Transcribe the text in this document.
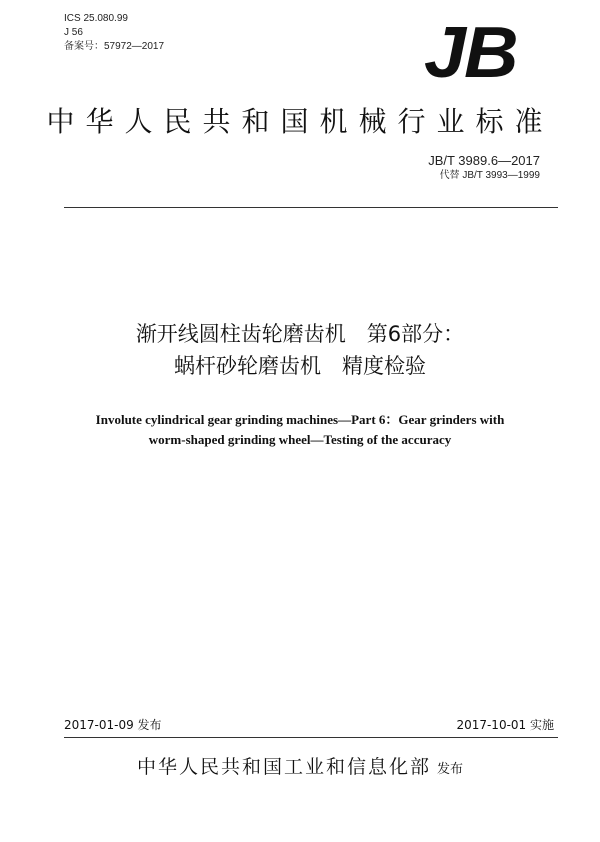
ICS 25.080.99
J 56
备案号：57972—2017	JB
中华人民共和国机械行业标准
JB/T 3989.6—2017
代替 JB/T 3993—1999
渐开线圆柱齿轮磨齿机　第6部分：
蜗杆砂轮磨齿机　精度检验
Involute cylindrical gear grinding machines—Part 6：Gear grinders with
worm-shaped grinding wheel—Testing of the accuracy
2017-01-09 发布	2017-10-01 实施
中华人民共和国工业和信息化部 发布
